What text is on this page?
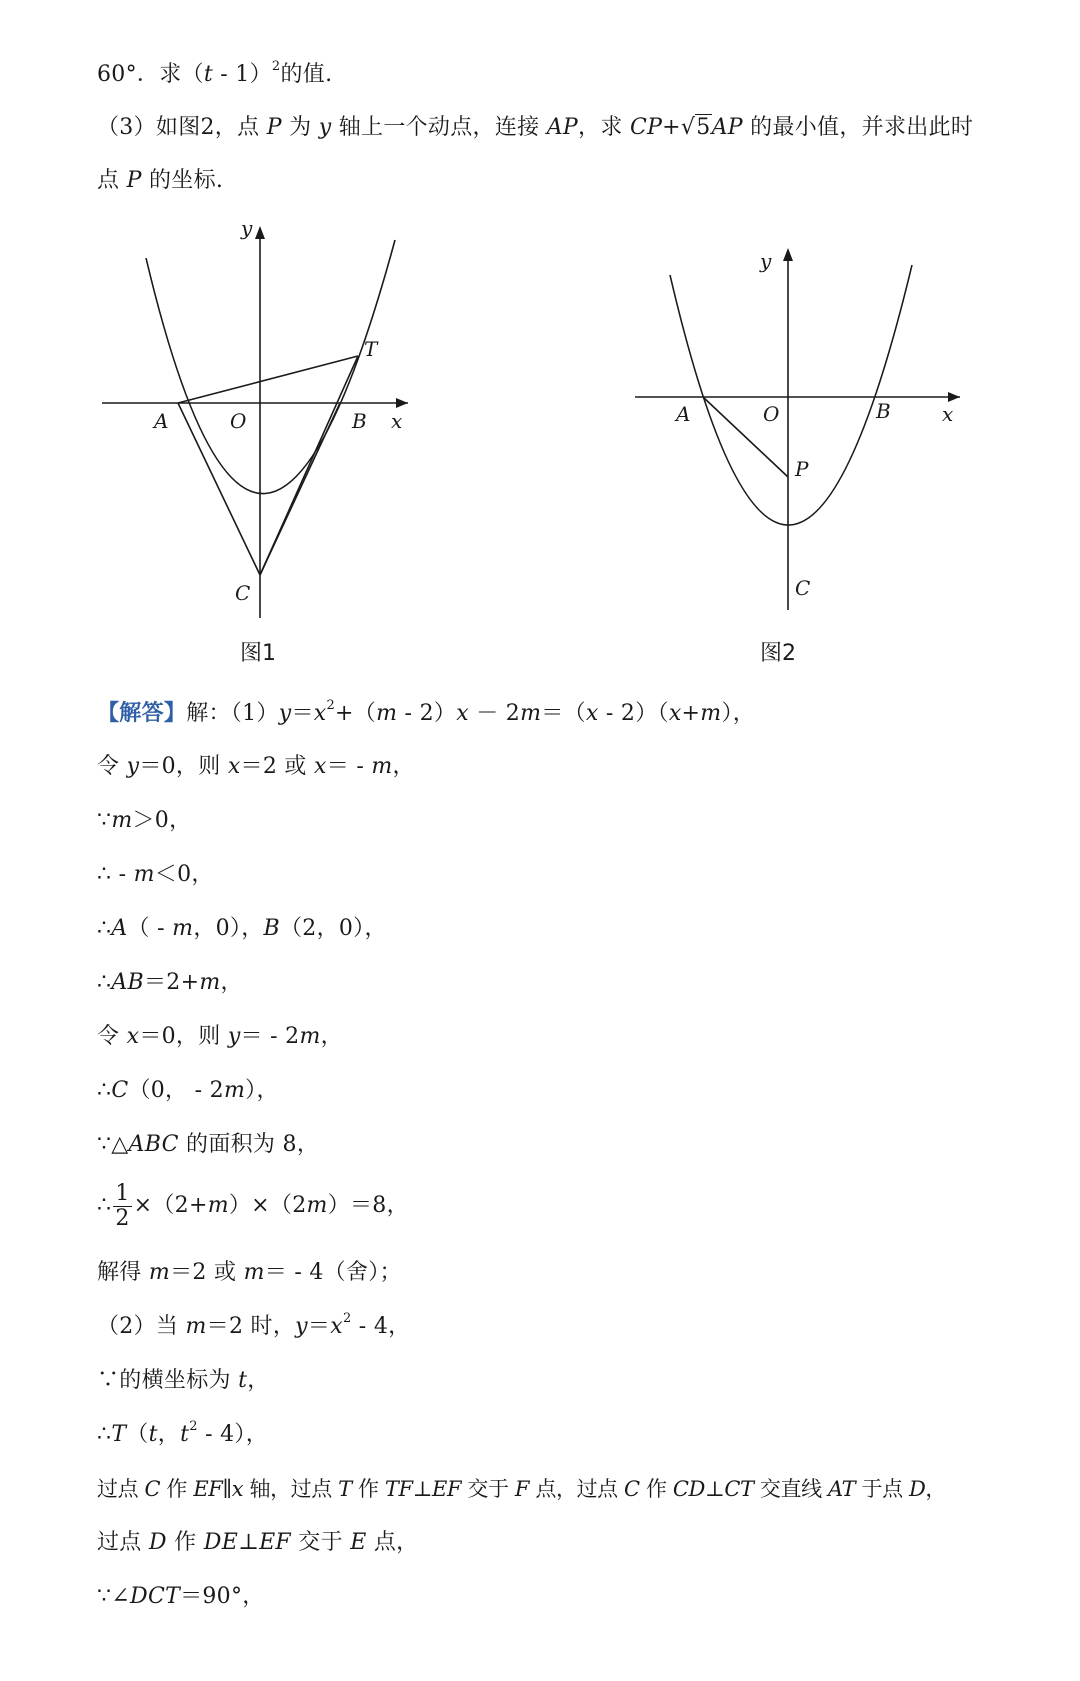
60°．求（t - 1）$^2$的值.
（3）如图2，点 P 为 y 轴上一个动点，连接 AP，求 CP+√5AP 的最小值，并求出此时
点 P 的坐标.
y
x
A	O	B
T
C
图1
y
x
A	O	B
P
C
图2
【解答】解：$(1)y=x^2+(m - 2)x - 2m=(x - 2)(x+m)$，
令 y＝0，则 x＝2 或 x＝ - m，
∵m＞0，
∴ - m＜0，
∴A（ - m，0），B（2，0），
∴AB＝2+m，
令 x＝0，则 y＝ - 2m，
∴C（0， - 2m），
∵△ABC 的面积为 8，
∴ $\frac{1}{2} \times(2+m)\times(2m)=8$，
解得 m＝2 或 m＝ - 4（舍）；
（2）当 m＝2 时，$y=x^2 - 4$，
∵的横坐标为 t，
∴T（t，$t^2 - 4$），
过点 C 作 EF∥x 轴，过点 T 作 TF⊥EF 交于 F 点，过点 C 作 CD⊥CT 交直线 AT 于点 D，
过点 D 作 DE⊥EF 交于 E 点，
∵∠DCT＝90°，
